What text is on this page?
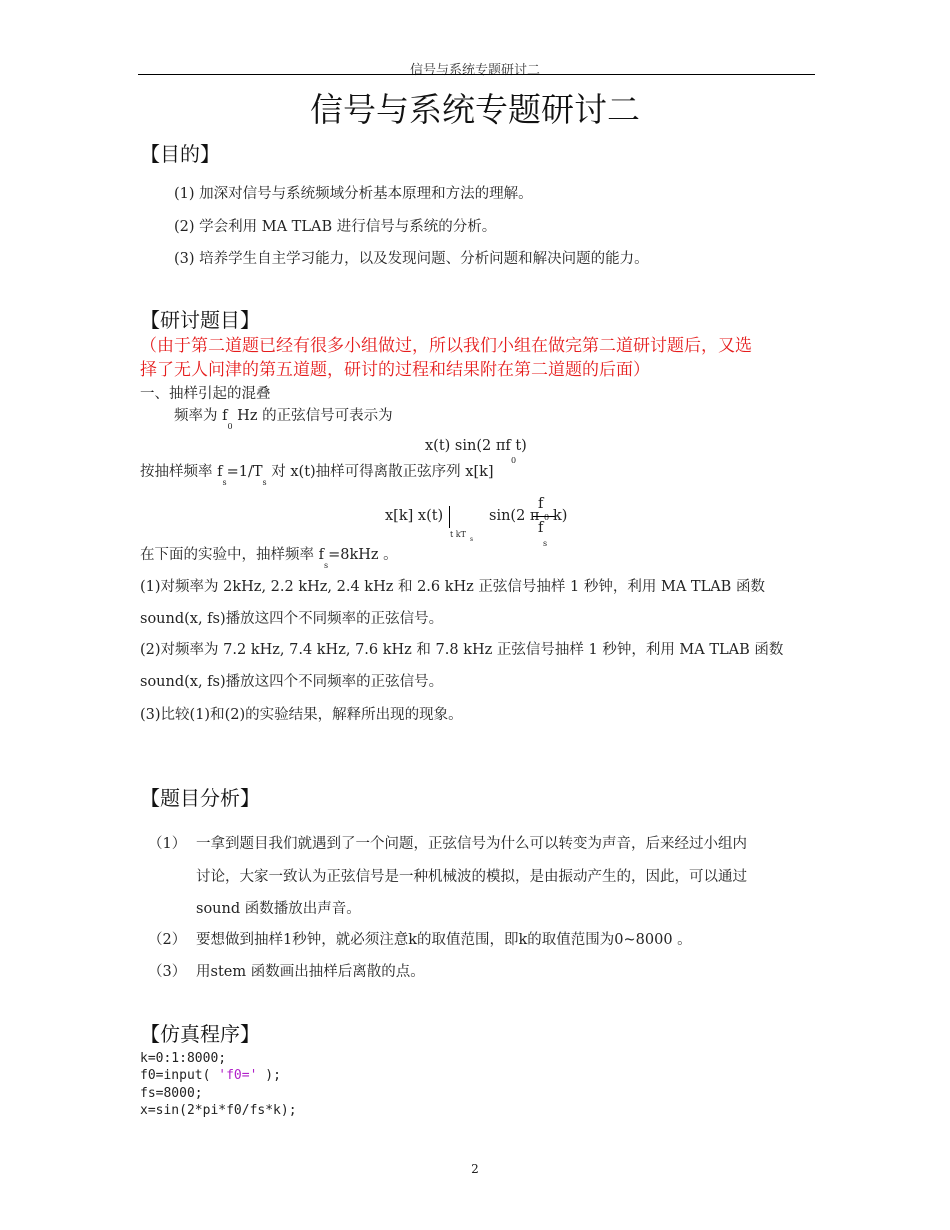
信号与系统专题研讨二
信号与系统专题研讨二
【目的】
(1) 加深对信号与系统频域分析基本原理和方法的理解。
(2) 学会利用 MA TLAB 进行信号与系统的分析。
(3) 培养学生自主学习能力，以及发现问题、分析问题和解决问题的能力。
【研讨题目】
（由于第二道题已经有很多小组做过，所以我们小组在做完第二道研讨题后，又选
择了无人问津的第五道题，研讨的过程和结果附在第二道题的后面）
一、抽样引起的混叠
频率为 $f_0$ Hz 的正弦信号可表示为
x(t) sin(2 πf t)
0
按抽样频率 $f_s=1/T_s$ 对 x(t)抽样可得离散正弦序列 x[k]
x[k] x(t)
t kT
s
sin(2 π
f
0
f
s
k)
在下面的实验中，抽样频率 $f_s=8kHz$ 。
(1)对频率为 2kHz, 2.2 kHz, 2.4 kHz 和 2.6 kHz 正弦信号抽样 1 秒钟，利用 MA TLAB 函数
sound(x, fs)播放这四个不同频率的正弦信号。
(2)对频率为 7.2 kHz, 7.4 kHz, 7.6 kHz 和 7.8 kHz 正弦信号抽样 1 秒钟，利用 MA TLAB 函数
sound(x, fs)播放这四个不同频率的正弦信号。
(3)比较(1)和(2)的实验结果，解释所出现的现象。
【题目分析】
（1） 一拿到题目我们就遇到了一个问题，正弦信号为什么可以转变为声音，后来经过小组内
讨论，大家一致认为正弦信号是一种机械波的模拟，是由振动产生的，因此，可以通过
sound 函数播放出声音。
（2） 要想做到抽样1秒钟，就必须注意k的取值范围，即k的取值范围为0~8000 。
（3） 用stem 函数画出抽样后离散的点。
【仿真程序】
k=0:1:8000;
f0=input( 'f0=' );
fs=8000;
x=sin(2*pi*f0/fs*k);
2
